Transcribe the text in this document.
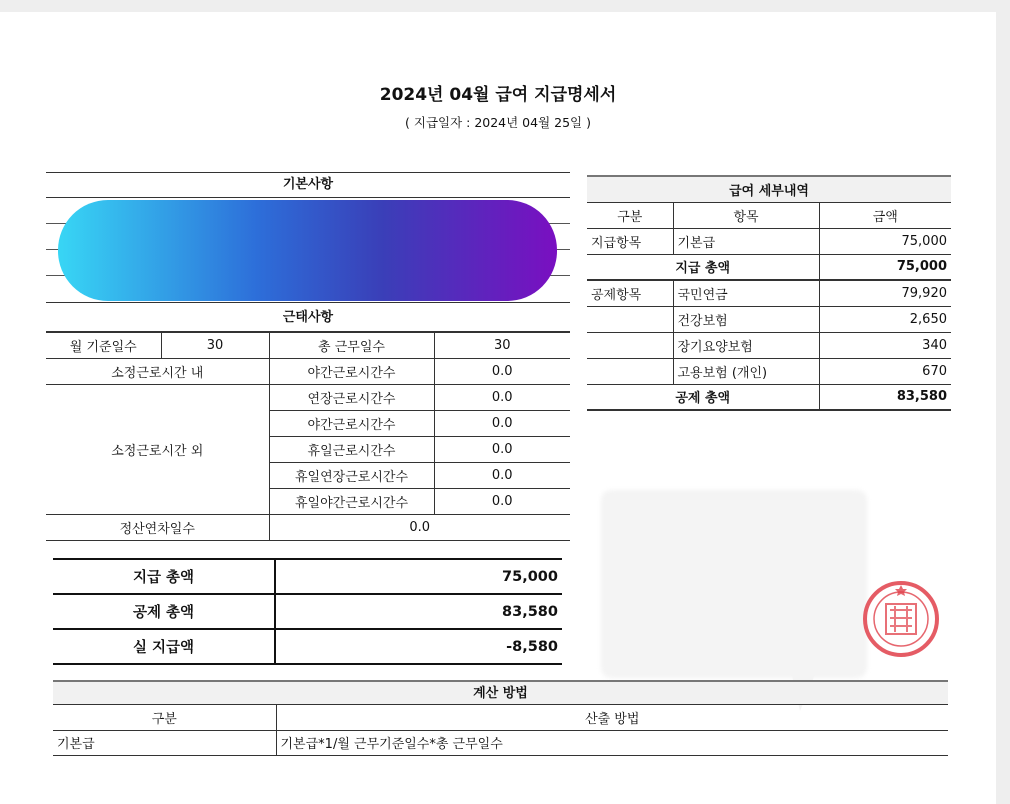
2024년 04월 급여 지급명세서
( 지급일자 : 2024년 04월 25일 )
기본사항
근태사항
월 기준일수	30	총 근무일수	30
소정근로시간 내		야간근로시간수	0.0
소정근로시간 외		연장근로시간수	0.0
		야간근로시간수	0.0
		휴일근로시간수	0.0
		휴일연장근로시간수	0.0
		휴일야간근로시간수	0.0
정산연차일수		0.0	
지급 총액	75,000
공제 총액	83,580
실 지급액	-8,580
급여 세부내역		
구분	항목	금액
지급항목	기본급	75,000
지급 총액		75,000
공제항목	국민연금	79,920
	건강보험	2,650
	장기요양보험	340
	고용보험 (개인)	670
공제 총액		83,580
계산 방법
구분	산출 방법
기본급	기본급*1/월 근무기준일수*총 근무일수
